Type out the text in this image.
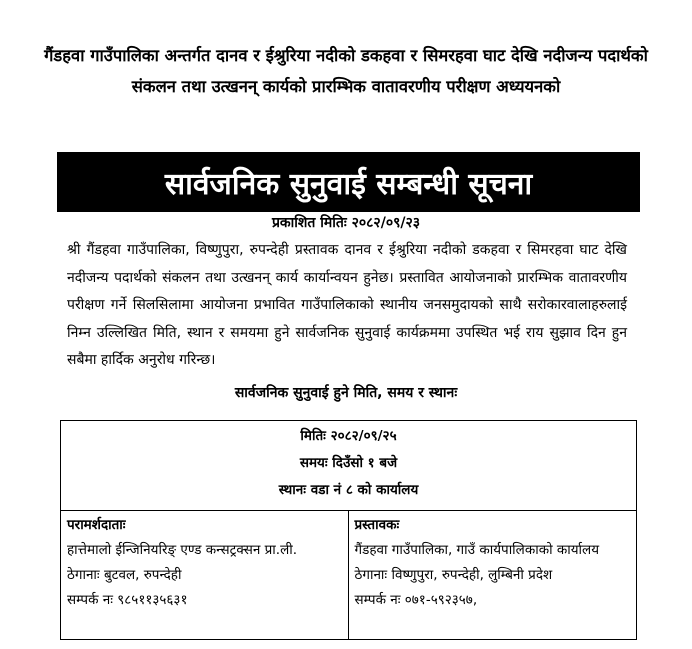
गैंडहवा गाउँपालिका अन्तर्गत दानव र ईश्रुरिया नदीको डकहवा र सिमरहवा घाट देखि नदीजन्य पदार्थको संकलन तथा उत्खनन् कार्यको प्रारम्भिक वातावरणीय परीक्षण अध्ययनको
सार्वजनिक सुनुवाई सम्बन्धी सूचना
प्रकाशित मितिः २०८२/०९/२३
श्री गैंडहवा गाउँपालिका, विष्णुपुरा, रुपन्देही प्रस्तावक दानव र ईश्रुरिया नदीको डकहवा र सिमरहवा घाट देखि नदीजन्य पदार्थको संकलन तथा उत्खनन् कार्य कार्यान्वयन हुनेछ। प्रस्तावित आयोजनाको प्रारम्भिक वातावरणीय परीक्षण गर्ने सिलसिलामा आयोजना प्रभावित गाउँपालिकाको स्थानीय जनसमुदायको साथै सरोकारवालाहरुलाई निम्न उल्लिखित मिति, स्थान र समयमा हुने सार्वजनिक सुनुवाई कार्यक्रममा उपस्थित भई राय सुझाव दिन हुन सबैमा हार्दिक अनुरोध गरिन्छ।
सार्वजनिक सुनुवाई हुने मिति, समय र स्थानः
मितिः २०८२/०९/२५
समयः दिउँसो १ बजे
स्थानः वडा नं ८ को कार्यालय
परामर्शदाताः
हात्तेमालो ईन्जिनियरिङ् एण्ड कन्सट्रक्सन प्रा.ली.
ठेगानाः बुटवल, रुपन्देही
सम्पर्क नः ९८५११३५६३१
प्रस्तावकः
गैंडहवा गाउँपालिका, गाउँ कार्यपालिकाको कार्यालय
ठेगानाः विष्णुपुरा, रुपन्देही, लुम्बिनी प्रदेश
सम्पर्क नः ०७१-५९२३५७,
